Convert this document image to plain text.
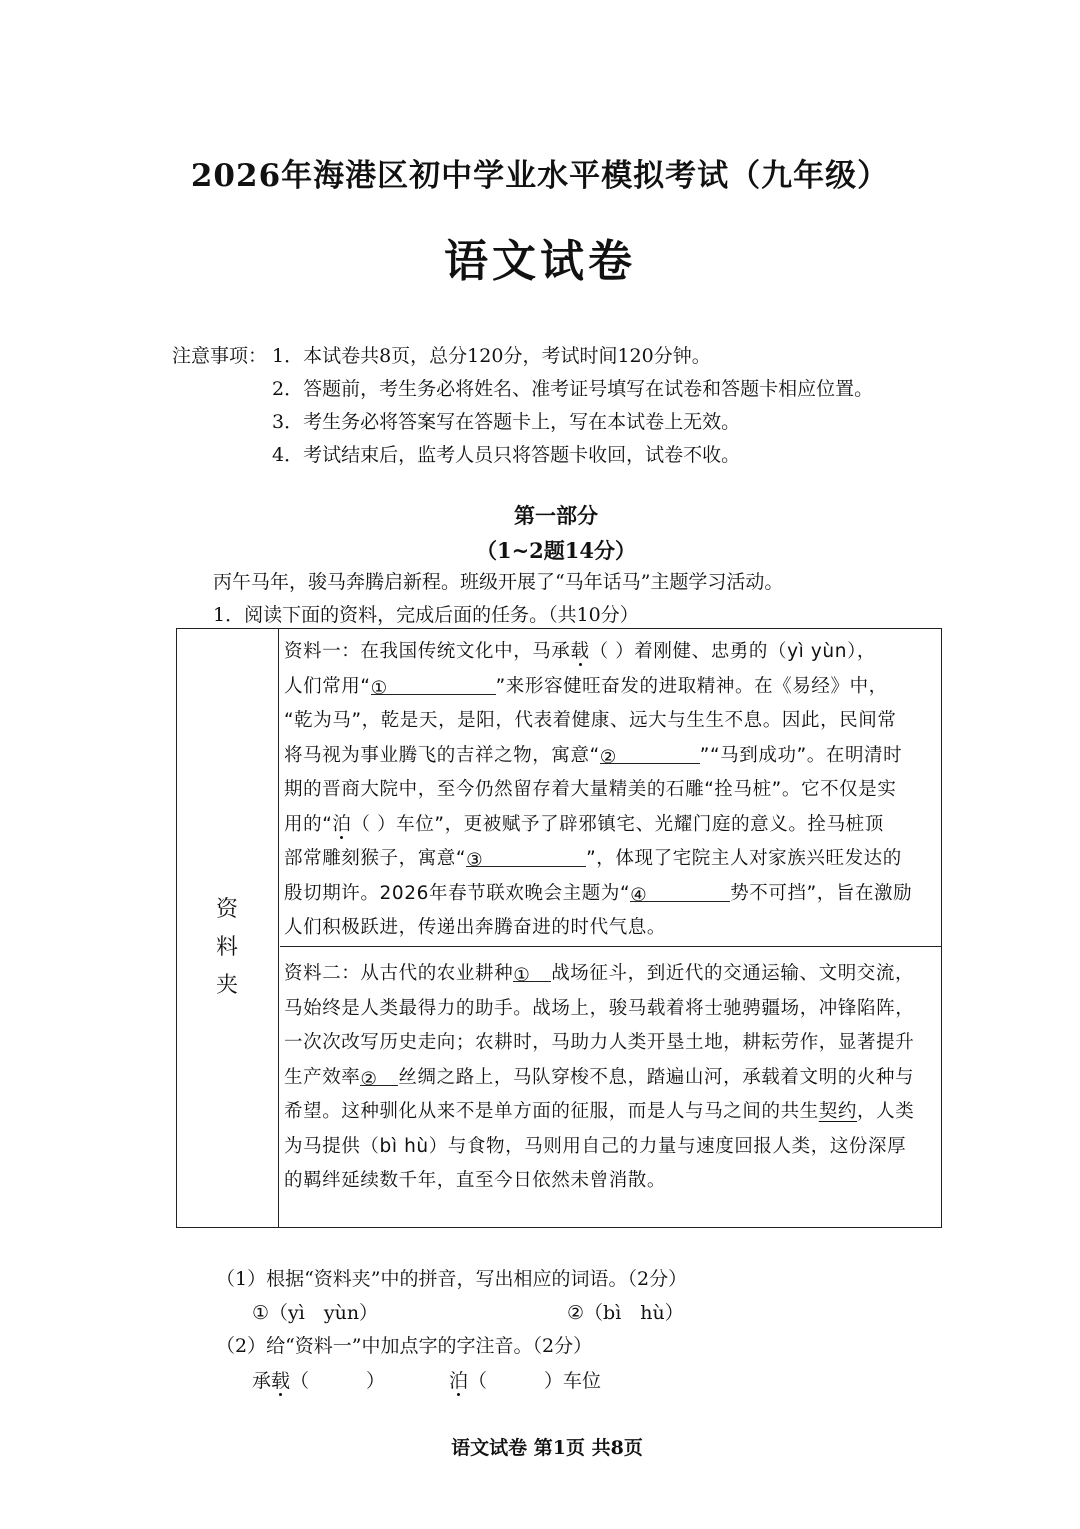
2026年海港区初中学业水平模拟考试（九年级）
语文试卷
注意事项： 1．本试卷共8页，总分120分，考试时间120分钟。
2．答题前，考生务必将姓名、准考证号填写在试卷和答题卡相应位置。
3．考生务必将答案写在答题卡上，写在本试卷上无效。
4．考试结束后，监考人员只将答题卡收回，试卷不收。
第一部分
（1~2题14分）
丙午马年，骏马奔腾启新程。班级开展了“马年话马”主题学习活动。
1．阅读下面的资料，完成后面的任务。（共10分）
资
料
夹
资料一：在我国传统文化中，马承载（ ）着刚健、忠勇的（yì yùn），
人们常用“①	”来形容健旺奋发的进取精神。在《易经》中，
“乾为马”，乾是天，是阳，代表着健康、远大与生生不息。因此，民间常
将马视为事业腾飞的吉祥之物，寓意“②	”“马到成功”。在明清时
期的晋商大院中，至今仍然留存着大量精美的石雕“拴马桩”。它不仅是实
用的“泊（ ）车位”，更被赋予了辟邪镇宅、光耀门庭的意义。拴马桩顶
部常雕刻猴子，寓意“③	”，体现了宅院主人对家族兴旺发达的
殷切期许。2026年春节联欢晚会主题为“④	势不可挡”，旨在激励
人们积极跃进，传递出奔腾奋进的时代气息。
资料二：从古代的农业耕种① 战场征斗，到近代的交通运输、文明交流，
马始终是人类最得力的助手。战场上，骏马载着将士驰骋疆场，冲锋陷阵，
一次次改写历史走向；农耕时，马助力人类开垦土地，耕耘劳作，显著提升
生产效率② 丝绸之路上，马队穿梭不息，踏遍山河，承载着文明的火种与
希望。这种驯化从来不是单方面的征服，而是人与马之间的共生契约，人类
为马提供（bì hù）与食物，马则用自己的力量与速度回报人类，这份深厚
的羁绊延续数千年，直至今日依然未曾消散。
（1）根据“资料夹”中的拼音，写出相应的词语。（2分）
①（yì　yùn）	②（bì　hù）
（2）给“资料一”中加点字的字注音。（2分）
承载（　　　）	泊（　　　）车位
语文试卷 第1页 共8页
